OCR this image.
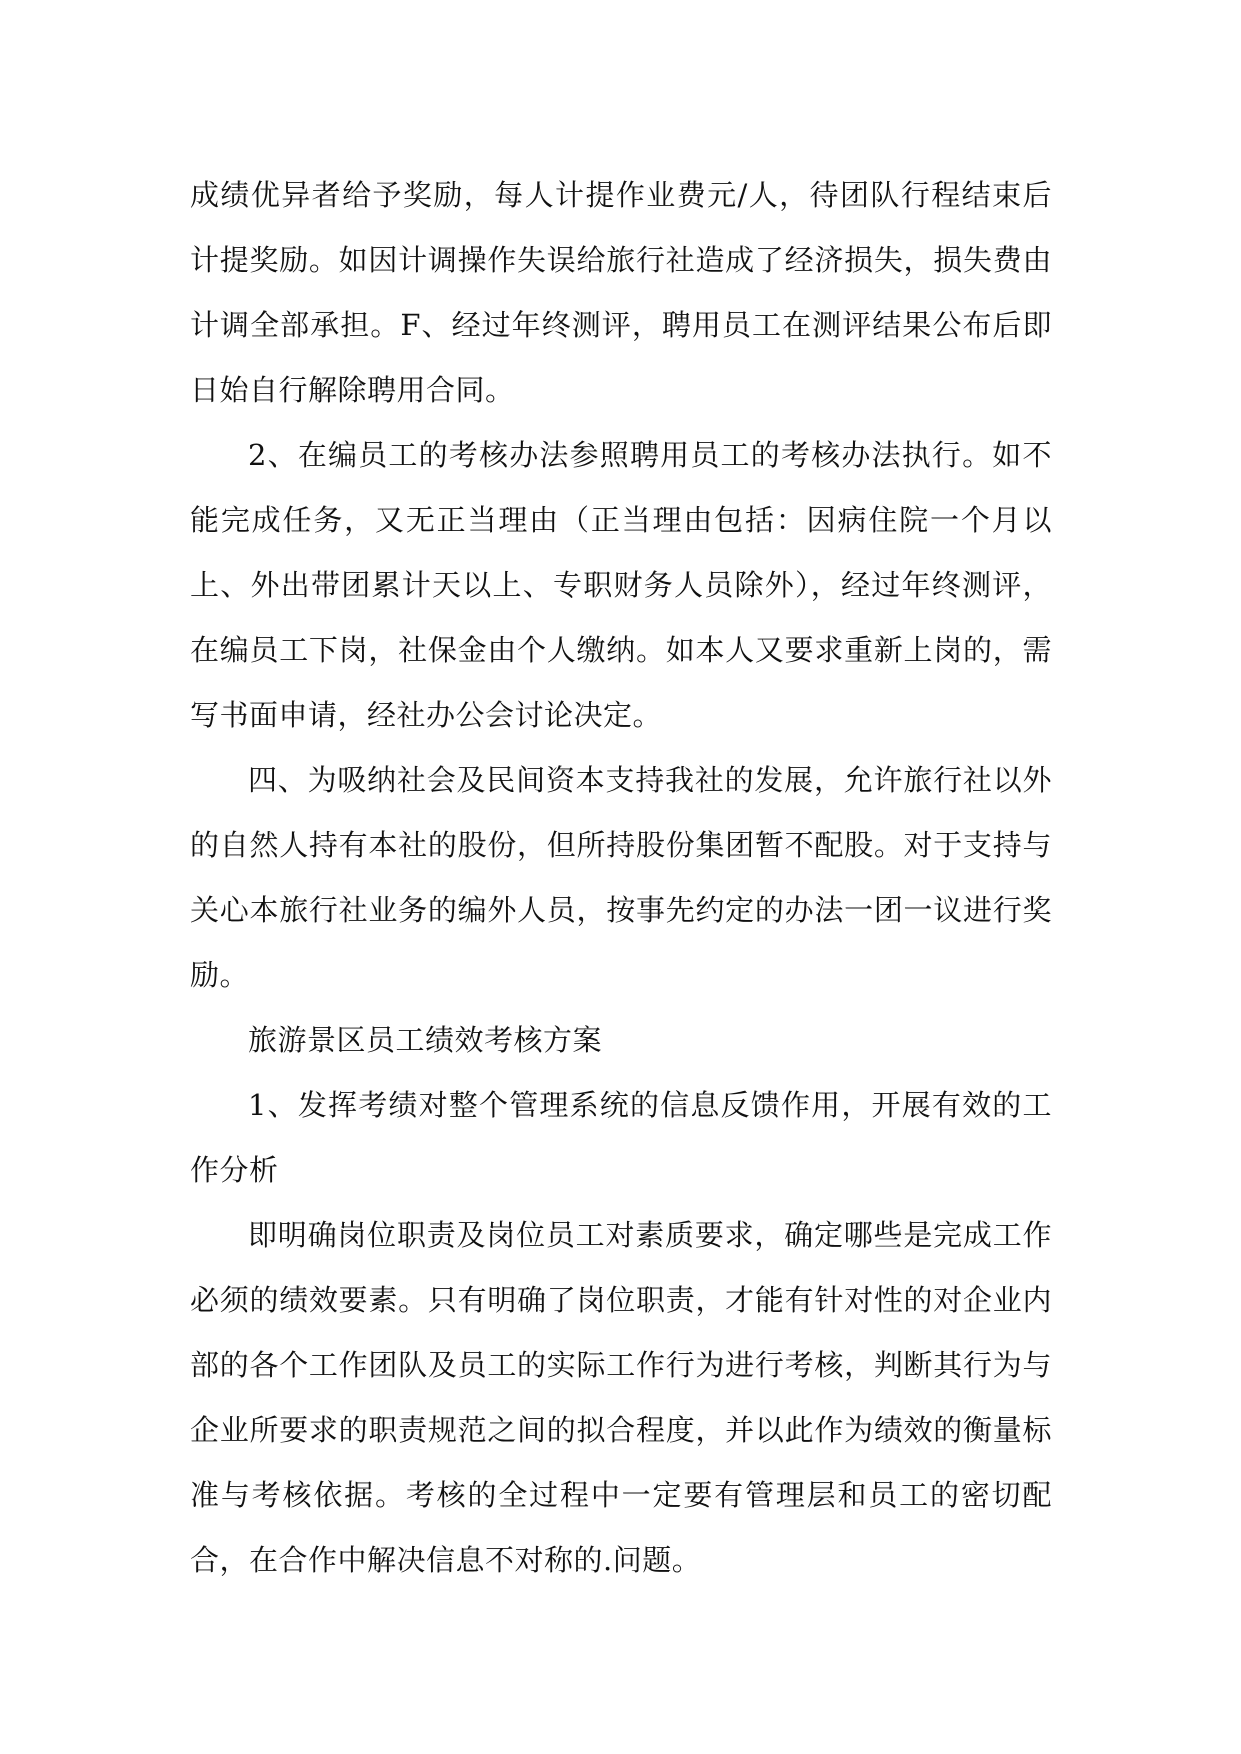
成绩优异者给予奖励，每人计提作业费元/人，待团队行程结束后计提奖励。如因计调操作失误给旅行社造成了经济损失，损失费由计调全部承担。F、经过年终测评，聘用员工在测评结果公布后即日始自行解除聘用合同。

2、在编员工的考核办法参照聘用员工的考核办法执行。如不能完成任务，又无正当理由（正当理由包括：因病住院一个月以上、外出带团累计天以上、专职财务人员除外），经过年终测评，在编员工下岗，社保金由个人缴纳。如本人又要求重新上岗的，需写书面申请，经社办公会讨论决定。

四、为吸纳社会及民间资本支持我社的发展，允许旅行社以外的自然人持有本社的股份，但所持股份集团暂不配股。对于支持与关心本旅行社业务的编外人员，按事先约定的办法一团一议进行奖励。

旅游景区员工绩效考核方案

1、发挥考绩对整个管理系统的信息反馈作用，开展有效的工作分析

即明确岗位职责及岗位员工对素质要求，确定哪些是完成工作必须的绩效要素。只有明确了岗位职责，才能有针对性的对企业内部的各个工作团队及员工的实际工作行为进行考核，判断其行为与企业所要求的职责规范之间的拟合程度，并以此作为绩效的衡量标准与考核依据。考核的全过程中一定要有管理层和员工的密切配合，在合作中解决信息不对称的.问题。
